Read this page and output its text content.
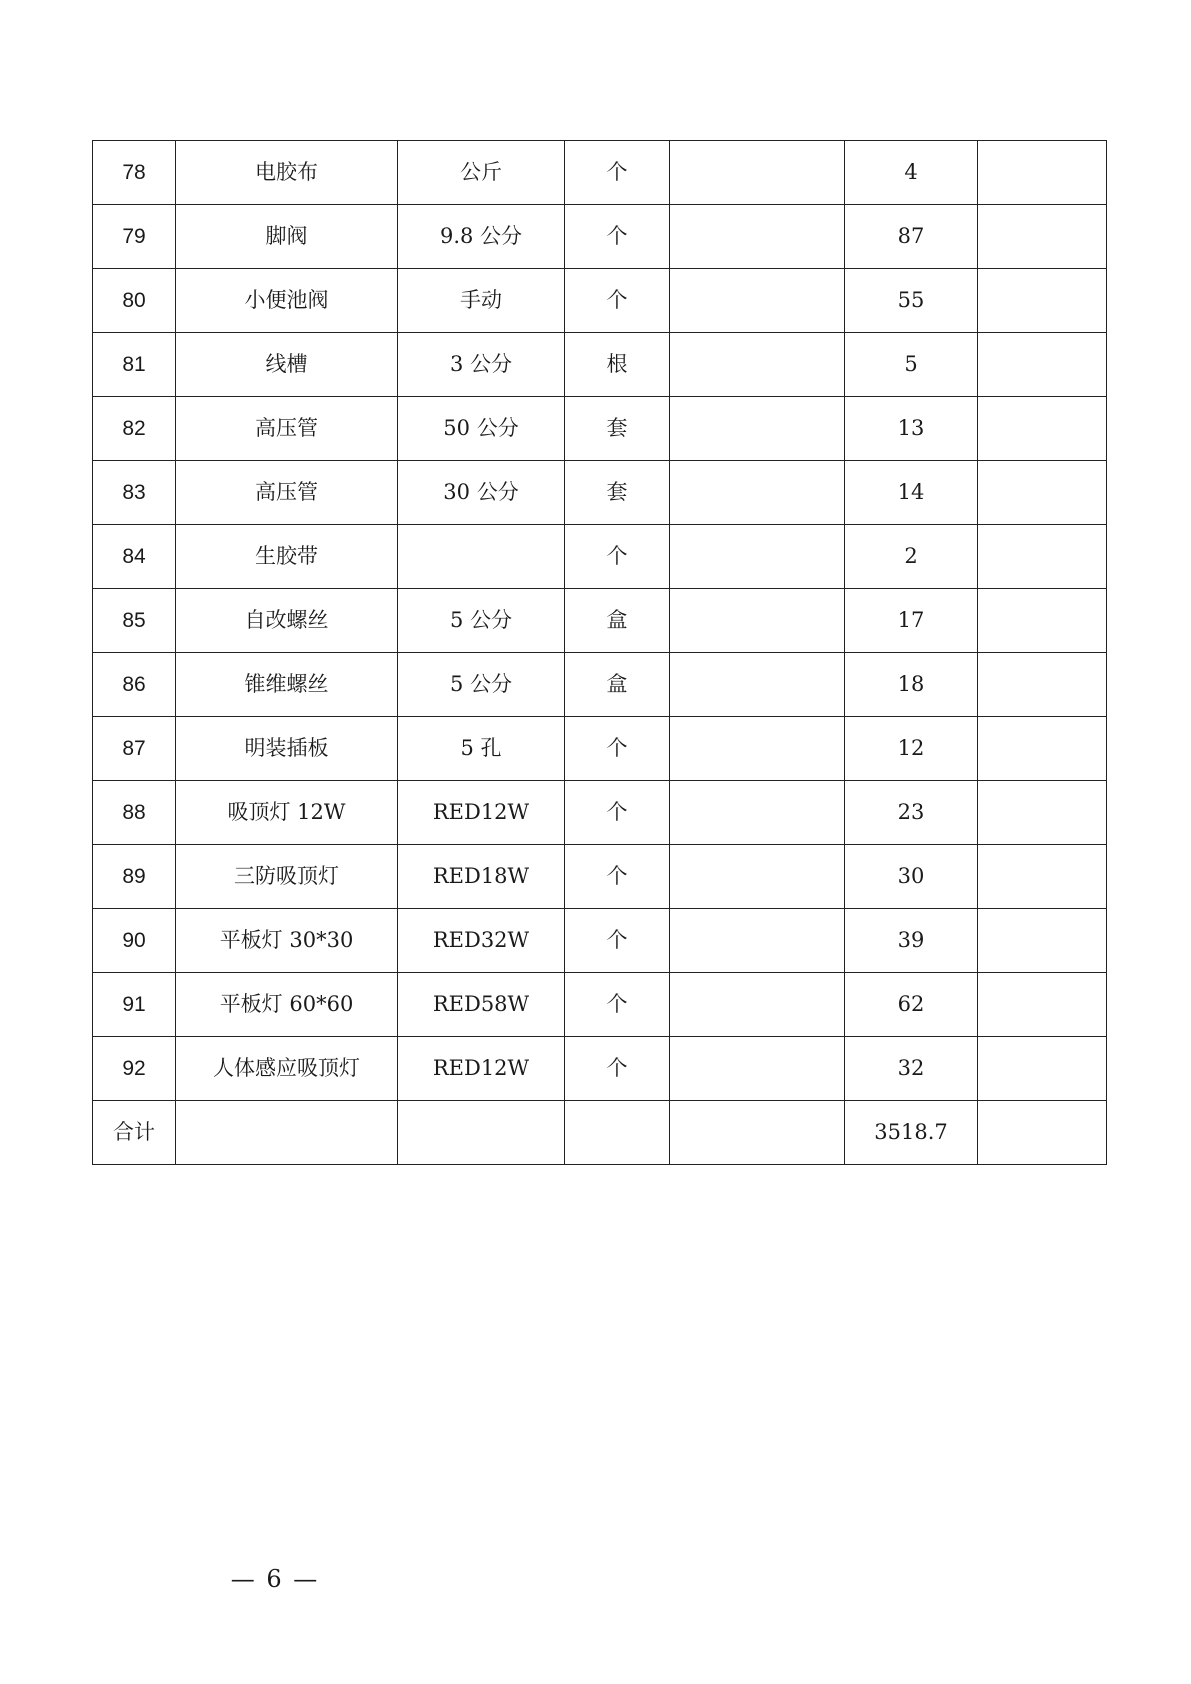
78	电胶布	公斤	个		4	
79	脚阀	9.8 公分	个		87	
80	小便池阀	手动	个		55	
81	线槽	3 公分	根		5	
82	高压管	50 公分	套		13	
83	高压管	30 公分	套		14	
84	生胶带		个		2	
85	自改螺丝	5 公分	盒		17	
86	锥维螺丝	5 公分	盒		18	
87	明装插板	5 孔	个		12	
88	吸顶灯 12W	RED12W	个		23	
89	三防吸顶灯	RED18W	个		30	
90	平板灯 30*30	RED32W	个		39	
91	平板灯 60*60	RED58W	个		62	
92	人体感应吸顶灯	RED12W	个		32	
合计					3518.7	
— 6 —
